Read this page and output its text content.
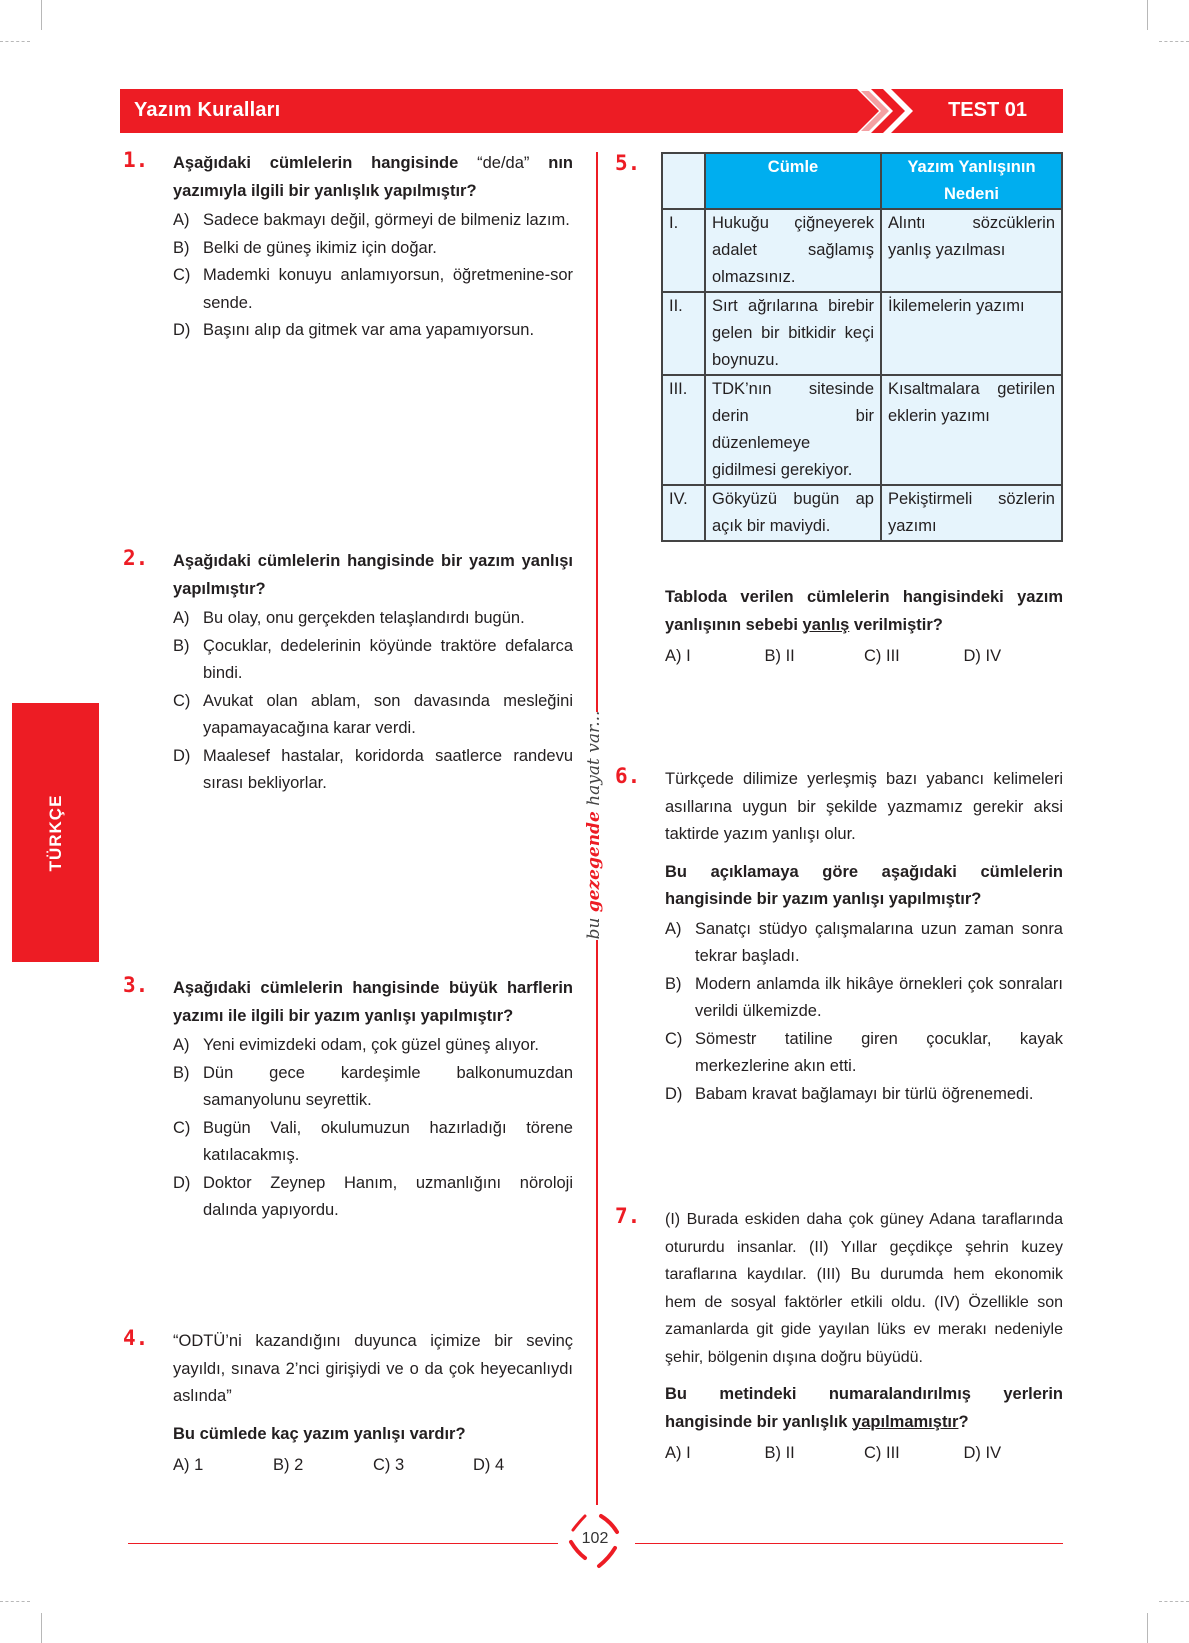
Yazım Kuralları	TEST 01
TÜRKÇE
bu gezegende hayat var...
1. Aşağıdaki cümlelerin hangisinde “de/da” nın yazımıyla ilgili bir yanlışlık yapılmıştır?
A) Sadece bakmayı değil, görmeyi de bilmeniz lazım.
B) Belki de güneş ikimiz için doğar.
C) Mademki konuyu anlamıyorsun, öğretmenine-sor sende.
D) Başını alıp da gitmek var ama yapamıyorsun.
2. Aşağıdaki cümlelerin hangisinde bir yazım yanlışı yapılmıştır?
A) Bu olay, onu gerçekden telaşlandırdı bugün.
B) Çocuklar, dedelerinin köyünde traktöre defalarca bindi.
C) Avukat olan ablam, son davasında mesleğini yapamayacağına karar verdi.
D) Maalesef hastalar, koridorda saatlerce randevu sırası bekliyorlar.
3. Aşağıdaki cümlelerin hangisinde büyük harflerin yazımı ile ilgili bir yazım yanlışı yapılmıştır?
A) Yeni evimizdeki odam, çok güzel güneş alıyor.
B) Dün gece kardeşimle balkonumuzdan samanyolunu seyrettik.
C) Bugün Vali, okulumuzun hazırladığı törene katılacakmış.
D) Doktor Zeynep Hanım, uzmanlığını nöroloji dalında yapıyordu.
4. “ODTÜ’ni kazandığını duyunca içimize bir sevinç yayıldı, sınava 2’nci girişiydi ve o da çok heyecanlıydı aslında”
Bu cümlede kaç yazım yanlışı vardır?
A) 1	B) 2	C) 3	D) 4
5.
		Cümle	Yazım Yanlışının Nedeni
I.	Hukuğu çiğneyerek adalet sağlamış olmazsınız.	Alıntı sözcüklerin yanlış yazılması
II.	Sırt ağrılarına birebir gelen bir bitkidir keçi boynuzu.	İkilemelerin yazımı
III.	TDK’nın sitesinde derin bir düzenlemeye gidilmesi gerekiyor.	Kısaltmalara getirilen eklerin yazımı
IV.	Gökyüzü bugün ap açık bir maviydi.	Pekiştirmeli sözlerin yazımı
Tabloda verilen cümlelerin hangisindeki yazım yanlışının sebebi yanlış verilmiştir?
A) I	B) II	C) III	D) IV
6. Türkçede dilimize yerleşmiş bazı yabancı kelimeleri asıllarına uygun bir şekilde yazmamız gerekir aksi taktirde yazım yanlışı olur.
Bu açıklamaya göre aşağıdaki cümlelerin hangisinde bir yazım yanlışı yapılmıştır?
A) Sanatçı stüdyo çalışmalarına uzun zaman sonra tekrar başladı.
B) Modern anlamda ilk hikâye örnekleri çok sonraları verildi ülkemizde.
C) Sömestr tatiline giren çocuklar, kayak merkezlerine akın etti.
D) Babam kravat bağlamayı bir türlü öğrenemedi.
7. (I) Burada eskiden daha çok güney Adana taraflarında otururdu insanlar. (II) Yıllar geçdikçe şehrin kuzey taraflarına kaydılar. (III) Bu durumda hem ekonomik hem de sosyal faktörler etkili oldu. (IV) Özellikle son zamanlarda git gide yayılan lüks ev merakı nedeniyle şehir, bölgenin dışına doğru büyüdü.
Bu metindeki numaralandırılmış yerlerin hangisinde bir yanlışlık yapılmamıştır?
A) I	B) II	C) III	D) IV
102
